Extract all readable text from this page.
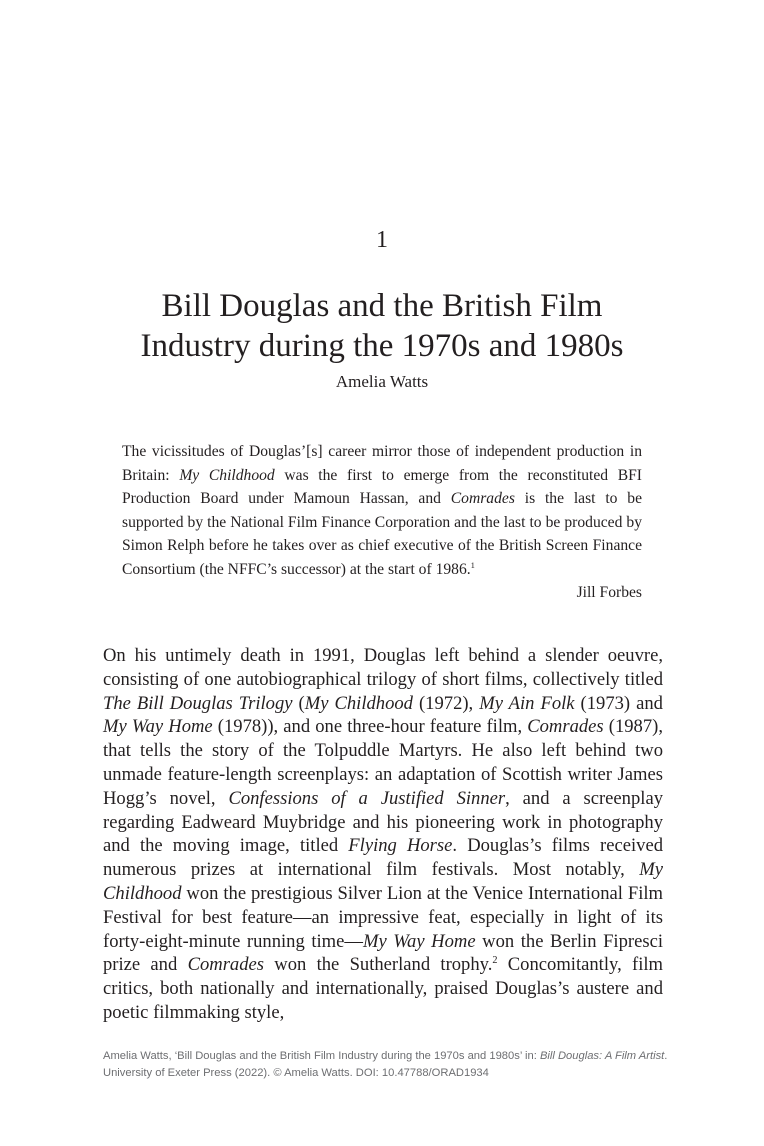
1
Bill Douglas and the British Film
Industry during the 1970s and 1980s
Amelia Watts

The vicissitudes of Douglas’[s] career mirror those of independent production in Britain: My Childhood was the first to emerge from the reconstituted BFI Production Board under Mamoun Hassan, and Comrades is the last to be supported by the National Film Finance Corporation and the last to be produced by Simon Relph before he takes over as chief executive of the British Screen Finance Consortium (the NFFC’s successor) at the start of 1986.$^1$

Jill Forbes

On his untimely death in 1991, Douglas left behind a slender oeuvre, consisting of one autobiographical trilogy of short films, collectively titled The Bill Douglas Trilogy (My Childhood (1972), My Ain Folk (1973) and My Way Home (1978)), and one three-hour feature film, Comrades (1987), that tells the story of the Tolpuddle Martyrs. He also left behind two unmade feature-length screenplays: an adaptation of Scottish writer James Hogg’s novel, Confessions of a Justified Sinner, and a screenplay regarding Eadweard Muybridge and his pioneering work in photography and the moving image, titled Flying Horse. Douglas’s films received numerous prizes at international film festivals. Most notably, My Childhood won the prestigious Silver Lion at the Venice International Film Festival for best feature—an impressive feat, especially in light of its forty-eight-minute running time—My Way Home won the Berlin Fipresci prize and Comrades won the Sutherland trophy.$^2$ Concomitantly, film critics, both nationally and internationally, praised Douglas’s austere and poetic filmmaking style,

Amelia Watts, ‘Bill Douglas and the British Film Industry during the 1970s and 1980s’ in: Bill Douglas: A Film Artist. University of Exeter Press (2022). © Amelia Watts. DOI: 10.47788/ORAD1934
